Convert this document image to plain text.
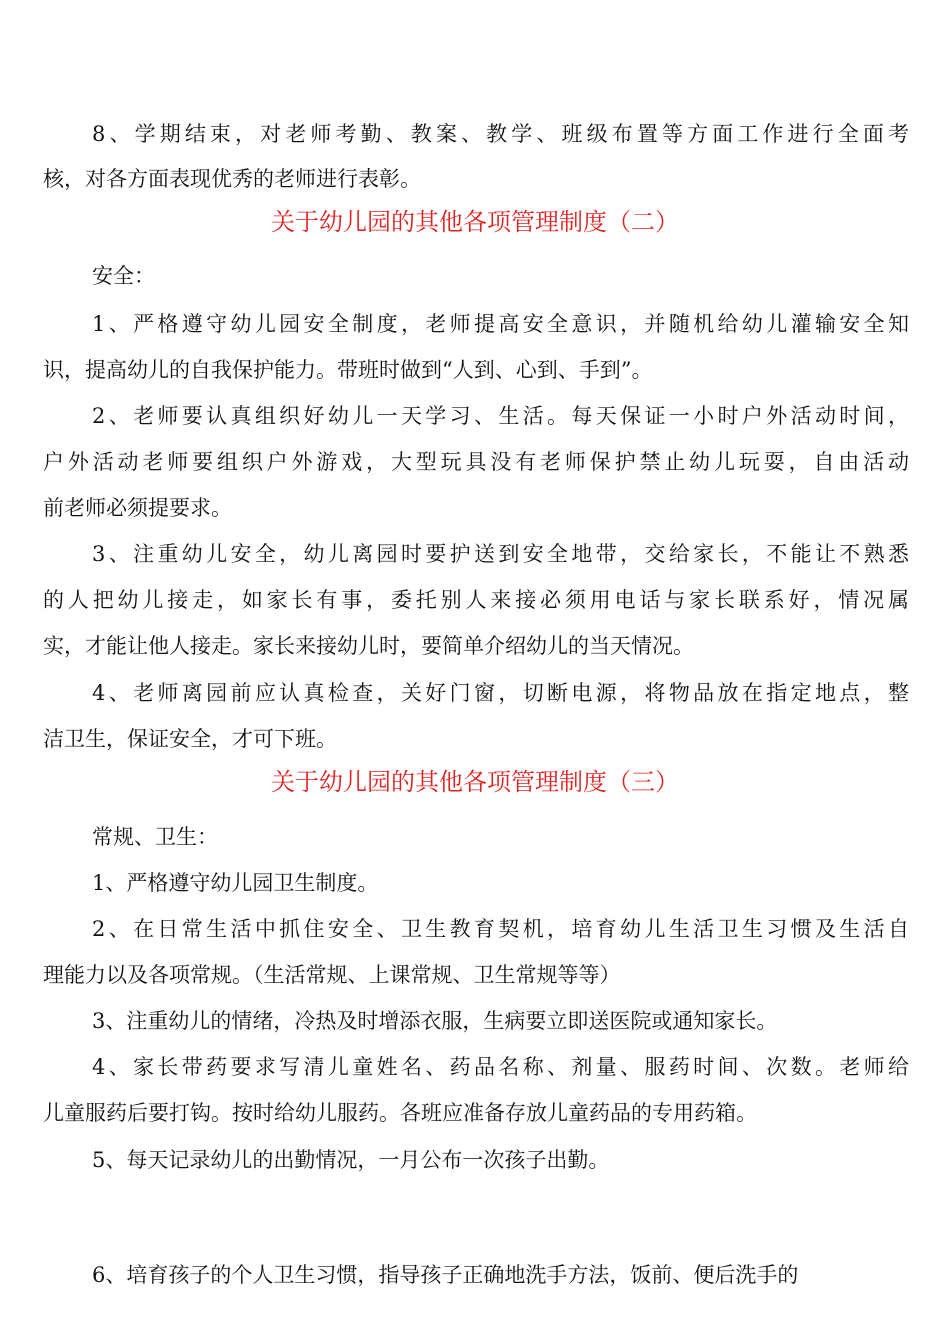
8、学期结束，对老师考勤、教案、教学、班级布置等方面工作进行全面考
核，对各方面表现优秀的老师进行表彰。
关于幼儿园的其他各项管理制度（二）
安全：
1、严格遵守幼儿园安全制度，老师提高安全意识，并随机给幼儿灌输安全知
识，提高幼儿的自我保护能力。带班时做到“人到、心到、手到”。
2、老师要认真组织好幼儿一天学习、生活。每天保证一小时户外活动时间，
户外活动老师要组织户外游戏，大型玩具没有老师保护禁止幼儿玩耍，自由活动
前老师必须提要求。
3、注重幼儿安全，幼儿离园时要护送到安全地带，交给家长，不能让不熟悉
的人把幼儿接走，如家长有事，委托别人来接必须用电话与家长联系好，情况属
实，才能让他人接走。家长来接幼儿时，要简单介绍幼儿的当天情况。
4、老师离园前应认真检查，关好门窗，切断电源，将物品放在指定地点，整
洁卫生，保证安全，才可下班。
关于幼儿园的其他各项管理制度（三）
常规、卫生：
1、严格遵守幼儿园卫生制度。
2、在日常生活中抓住安全、卫生教育契机，培育幼儿生活卫生习惯及生活自
理能力以及各项常规。（生活常规、上课常规、卫生常规等等）
3、注重幼儿的情绪，冷热及时增添衣服，生病要立即送医院或通知家长。
4、家长带药要求写清儿童姓名、药品名称、剂量、服药时间、次数。老师给
儿童服药后要打钩。按时给幼儿服药。各班应准备存放儿童药品的专用药箱。
5、每天记录幼儿的出勤情况，一月公布一次孩子出勤。
6、培育孩子的个人卫生习惯，指导孩子正确地洗手方法，饭前、便后洗手的
